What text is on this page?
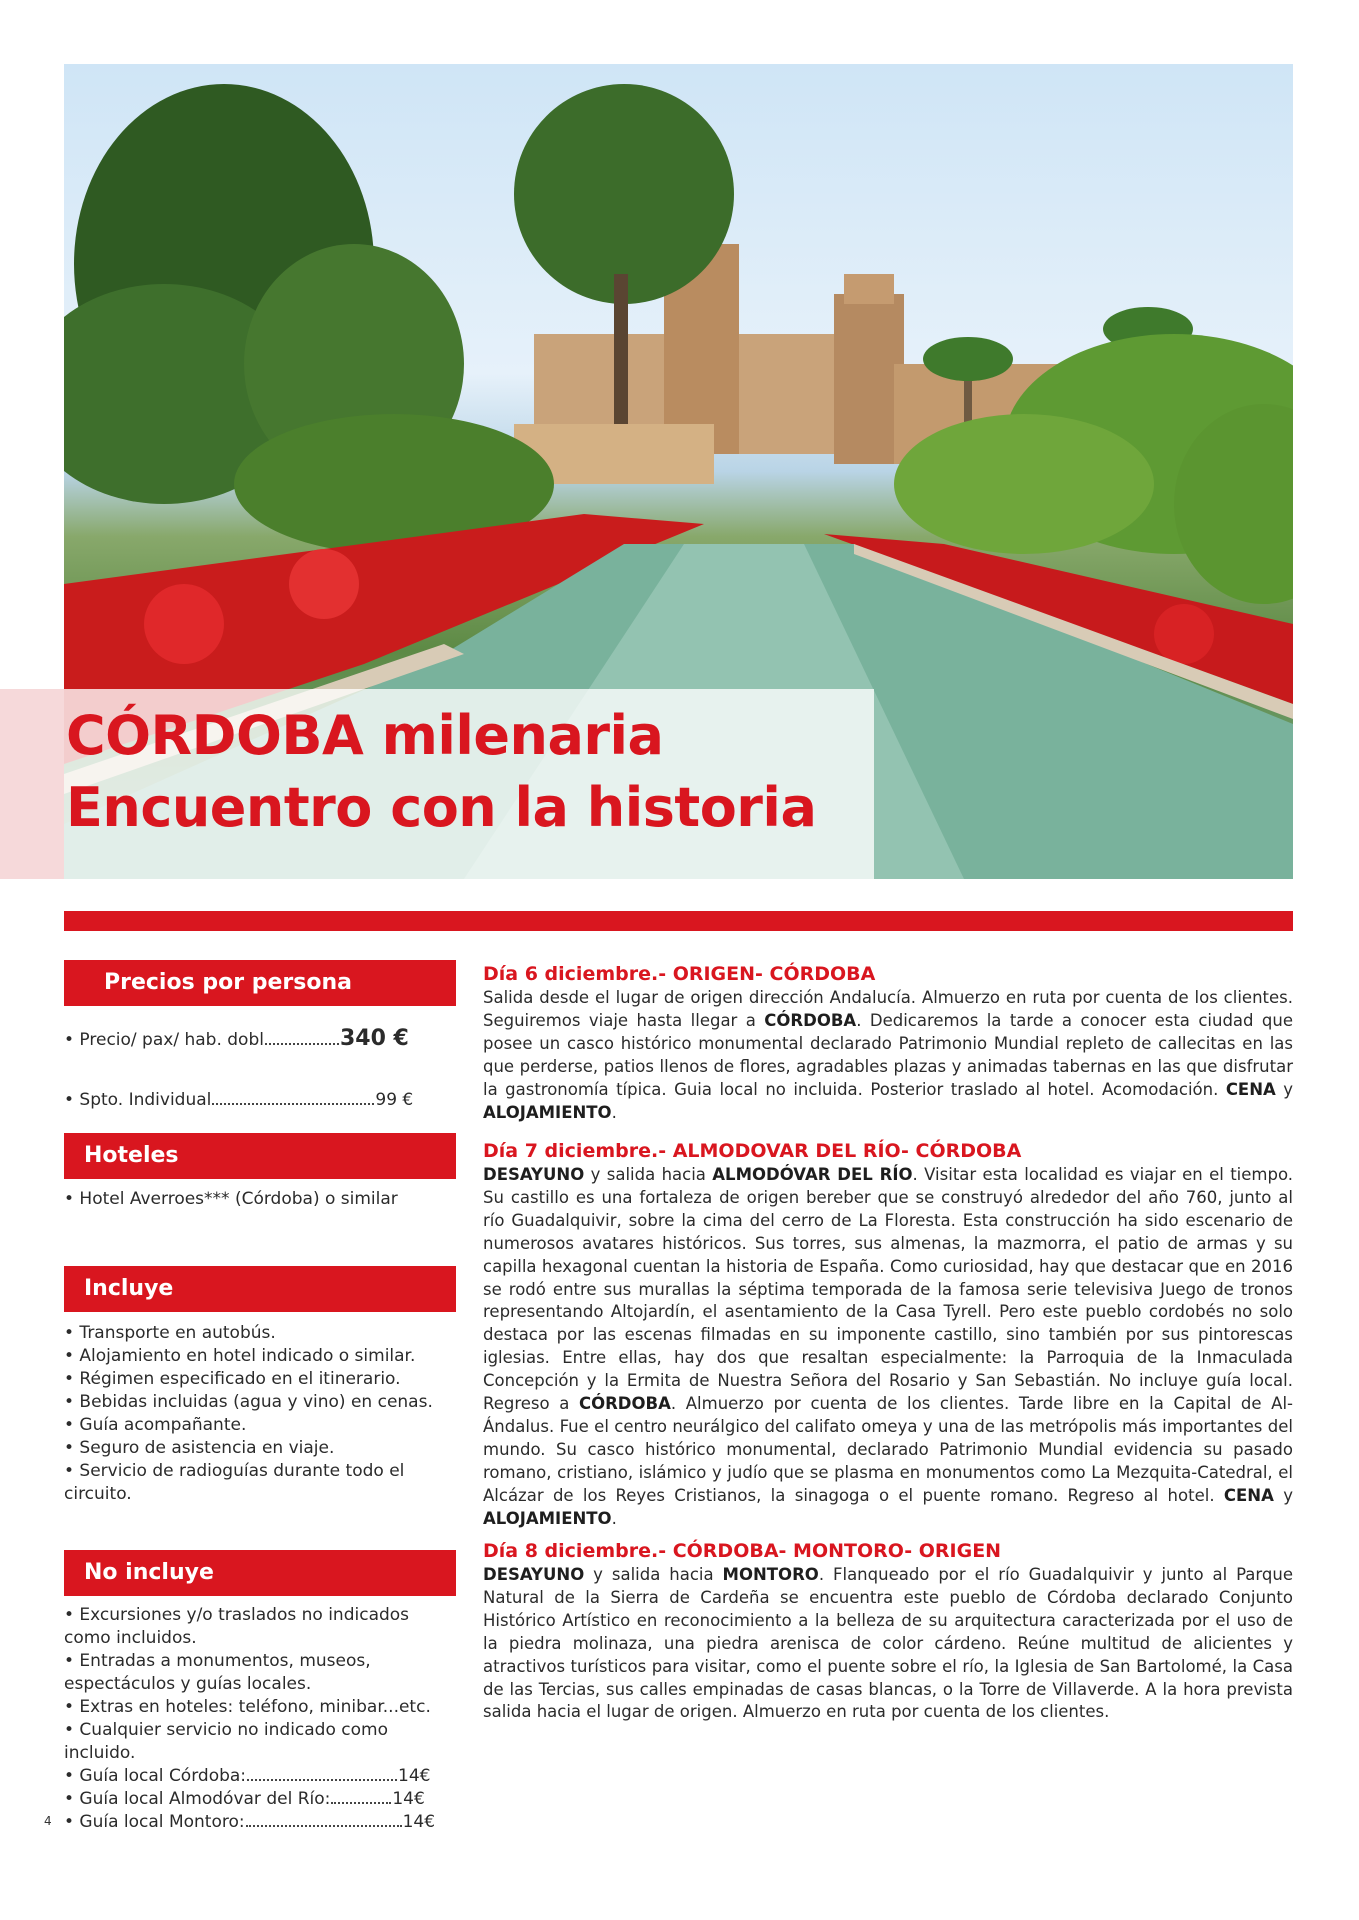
CÓRDOBA milenaria
Encuentro con la historia
Precios por persona
• Precio/ pax/ hab. dobl	340 €
• Spto. Individual	99 €
Hoteles
• Hotel Averroes*** (Córdoba) o similar
Incluye
• Transporte en autobús.
• Alojamiento en hotel indicado o similar.
• Régimen especificado en el itinerario.
• Bebidas incluidas (agua y vino) en cenas.
• Guía acompañante.
• Seguro de asistencia en viaje.
• Servicio de radioguías durante todo el circuito.
No incluye
• Excursiones y/o traslados no indicados como incluidos.
• Entradas a monumentos, museos, espectáculos y guías locales.
• Extras en hoteles: teléfono, minibar...etc.
• Cualquier servicio no indicado como incluido.
• Guía local Córdoba:	14€
• Guía local Almodóvar del Río:	14€
• Guía local Montoro:	14€
Día 6 diciembre.- ORIGEN- CÓRDOBA

Salida desde el lugar de origen dirección Andalucía. Almuerzo en ruta por cuenta de los clientes. Seguiremos viaje hasta llegar a CÓRDOBA. Dedicaremos la tarde a conocer esta ciudad que posee un casco histórico monumental declarado Patrimonio Mundial repleto de callecitas en las que perderse, patios llenos de flores, agradables plazas y animadas tabernas en las que disfrutar la gastronomía típica. Guia local no incluida. Posterior traslado al hotel. Acomodación. CENA y ALOJAMIENTO.

Día 7 diciembre.- ALMODOVAR DEL RÍO- CÓRDOBA

DESAYUNO y salida hacia ALMODÓVAR DEL RÍO. Visitar esta localidad es viajar en el tiempo. Su castillo es una fortaleza de origen bereber que se construyó alrededor del año 760, junto al río Guadalquivir, sobre la cima del cerro de La Floresta. Esta construcción ha sido escenario de numerosos avatares históricos. Sus torres, sus almenas, la mazmorra, el patio de armas y su capilla hexagonal cuentan la historia de España. Como curiosidad, hay que destacar que en 2016 se rodó entre sus murallas la séptima temporada de la famosa serie televisiva Juego de tronos representando Altojardín, el asentamiento de la Casa Tyrell. Pero este pueblo cordobés no solo destaca por las escenas filmadas en su imponente castillo, sino también por sus pintorescas iglesias. Entre ellas, hay dos que resaltan especialmente: la Parroquia de la Inmaculada Concepción y la Ermita de Nuestra Señora del Rosario y San Sebastián. No incluye guía local. Regreso a CÓRDOBA. Almuerzo por cuenta de los clientes. Tarde libre en la Capital de Al-Ándalus. Fue el centro neurálgico del califato omeya y una de las metrópolis más importantes del mundo. Su casco histórico monumental, declarado Patrimonio Mundial evidencia su pasado romano, cristiano, islámico y judío que se plasma en monumentos como La Mezquita-Catedral, el Alcázar de los Reyes Cristianos, la sinagoga o el puente romano. Regreso al hotel. CENA y ALOJAMIENTO.

Día 8 diciembre.- CÓRDOBA- MONTORO- ORIGEN

DESAYUNO y salida hacia MONTORO. Flanqueado por el río Guadalquivir y junto al Parque Natural de la Sierra de Cardeña se encuentra este pueblo de Córdoba declarado Conjunto Histórico Artístico en reconocimiento a la belleza de su arquitectura caracterizada por el uso de la piedra molinaza, una piedra arenisca de color cárdeno. Reúne multitud de alicientes y atractivos turísticos para visitar, como el puente sobre el río, la Iglesia de San Bartolomé, la Casa de las Tercias, sus calles empinadas de casas blancas, o la Torre de Villaverde. A la hora prevista salida hacia el lugar de origen. Almuerzo en ruta por cuenta de los clientes.

4
